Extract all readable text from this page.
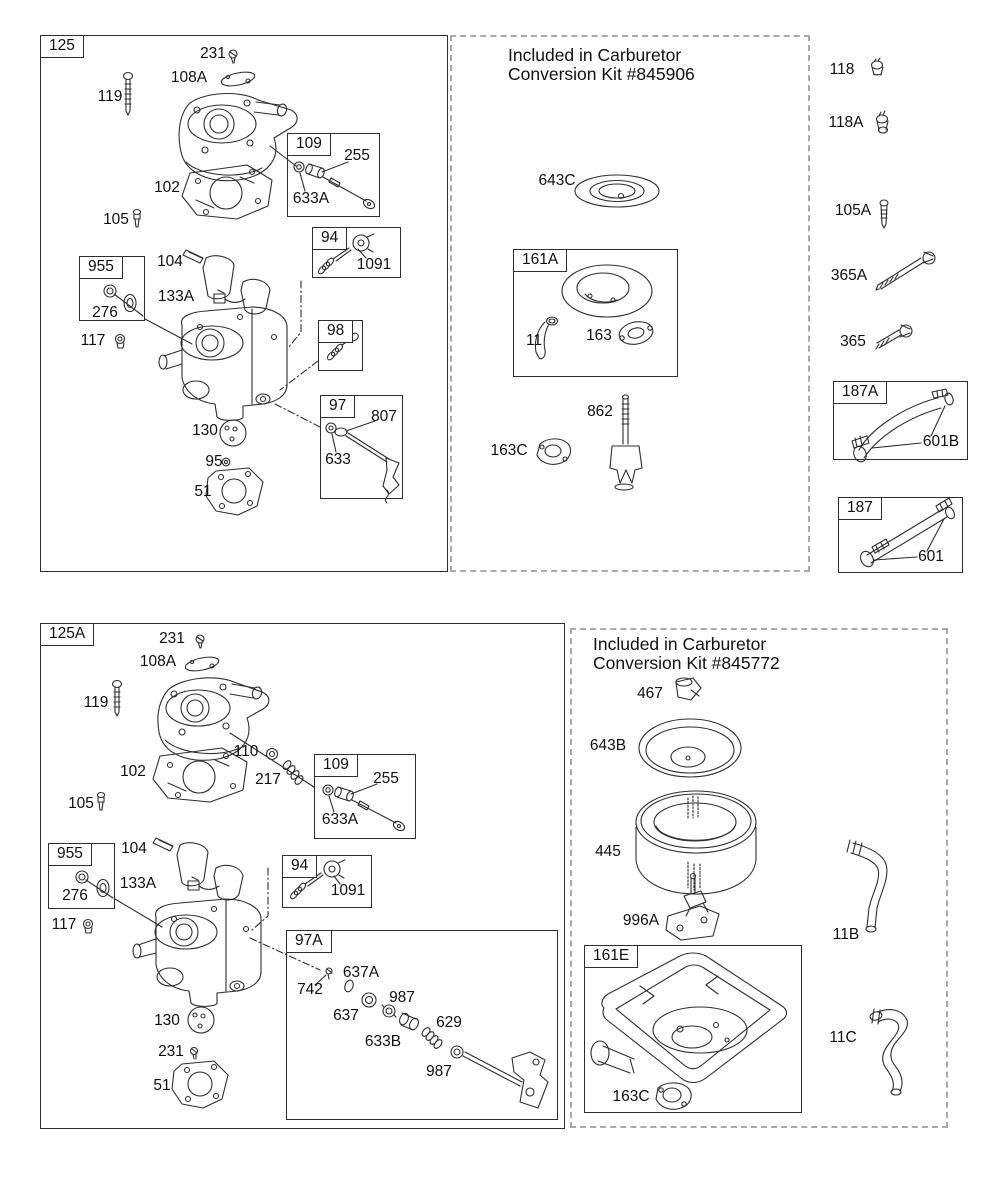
Included in Carburetor
Conversion Kit #845906
Included in Carburetor
Conversion Kit #845772
125
125A
109
94
955
98
97
161A
187A
187
109
94
955
97A
161E
231
108A
119
102
105
104
133A
276
117
130
95
51
255
633A
1091
807
633
643C
11	163
862
163C
118
118A
105A
365A
365
601B
601
231
108A
119
110
102	217
105
104
133A
276
117
130
231
51
255
633A
1091
742
637A
637
987
633B
629
987
467
643B
445
996A
11B
163C
11C
